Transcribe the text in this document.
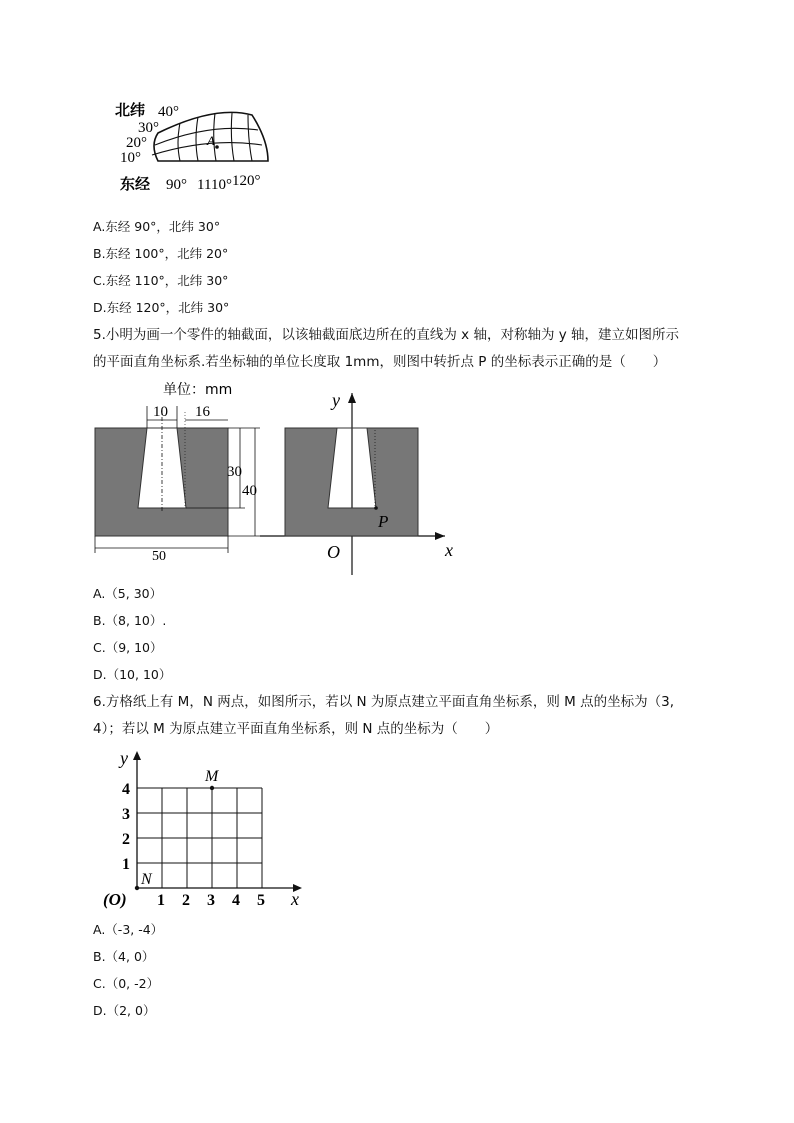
A
北纬 40°
30°
20°
10°
东经 90° 1 110° 120°
A.东经 90°，北纬 30°
B.东经 100°，北纬 20°
C.东经 110°，北纬 30°
D.东经 120°，北纬 30°
5.小明为画一个零件的轴截面，以该轴截面底边所在的直线为 x 轴，对称轴为 y 轴，建立如图所示
的平面直角坐标系.若坐标轴的单位长度取 1mm，则图中转折点 P 的坐标表示正确的是（　　）
单位：mm
10 16
30
40
50
P
y
x
O
A.（5, 30）
B.（8, 10）.
C.（9, 10）
D.（10, 10）
6.方格纸上有 M，N 两点，如图所示，若以 N 为原点建立平面直角坐标系，则 M 点的坐标为（3,
4）；若以 M 为原点建立平面直角坐标系，则 N 点的坐标为（　　）
M
N
y
x
(O)
4
3
2
1
1 2 3 4 5
A.（-3, -4）
B.（4, 0）
C.（0, -2）
D.（2, 0）
